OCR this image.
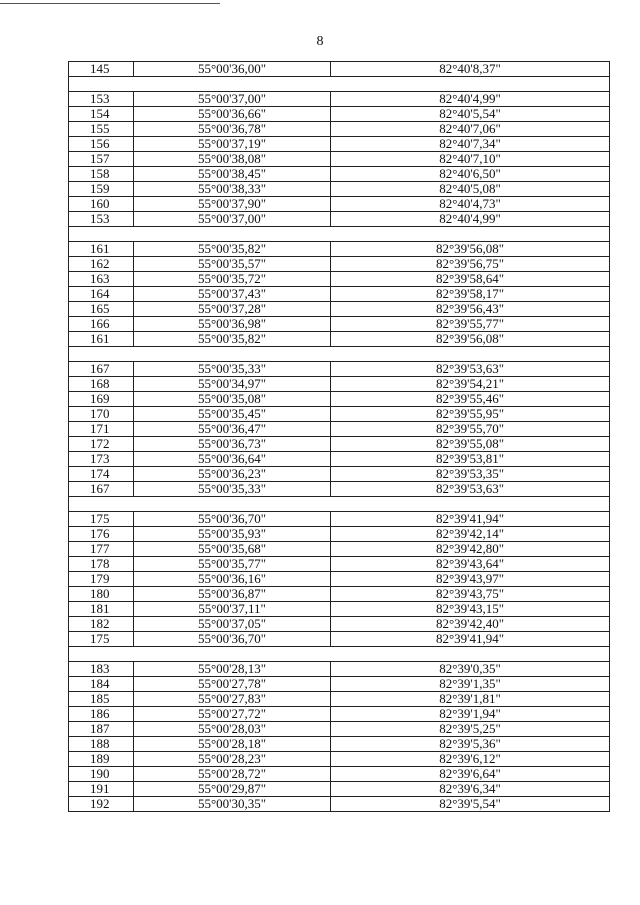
8
145	55°00'36,00"	82°40'8,37"

153	55°00'37,00"	82°40'4,99"
154	55°00'36,66"	82°40'5,54"
155	55°00'36,78"	82°40'7,06"
156	55°00'37,19"	82°40'7,34"
157	55°00'38,08"	82°40'7,10"
158	55°00'38,45"	82°40'6,50"
159	55°00'38,33"	82°40'5,08"
160	55°00'37,90"	82°40'4,73"
153	55°00'37,00"	82°40'4,99"

161	55°00'35,82"	82°39'56,08"
162	55°00'35,57"	82°39'56,75"
163	55°00'35,72"	82°39'58,64"
164	55°00'37,43"	82°39'58,17"
165	55°00'37,28"	82°39'56,43"
166	55°00'36,98"	82°39'55,77"
161	55°00'35,82"	82°39'56,08"

167	55°00'35,33"	82°39'53,63"
168	55°00'34,97"	82°39'54,21"
169	55°00'35,08"	82°39'55,46"
170	55°00'35,45"	82°39'55,95"
171	55°00'36,47"	82°39'55,70"
172	55°00'36,73"	82°39'55,08"
173	55°00'36,64"	82°39'53,81"
174	55°00'36,23"	82°39'53,35"
167	55°00'35,33"	82°39'53,63"

175	55°00'36,70"	82°39'41,94"
176	55°00'35,93"	82°39'42,14"
177	55°00'35,68"	82°39'42,80"
178	55°00'35,77"	82°39'43,64"
179	55°00'36,16"	82°39'43,97"
180	55°00'36,87"	82°39'43,75"
181	55°00'37,11"	82°39'43,15"
182	55°00'37,05"	82°39'42,40"
175	55°00'36,70"	82°39'41,94"

183	55°00'28,13"	82°39'0,35"
184	55°00'27,78"	82°39'1,35"
185	55°00'27,83"	82°39'1,81"
186	55°00'27,72"	82°39'1,94"
187	55°00'28,03"	82°39'5,25"
188	55°00'28,18"	82°39'5,36"
189	55°00'28,23"	82°39'6,12"
190	55°00'28,72"	82°39'6,64"
191	55°00'29,87"	82°39'6,34"
192	55°00'30,35"	82°39'5,54"
